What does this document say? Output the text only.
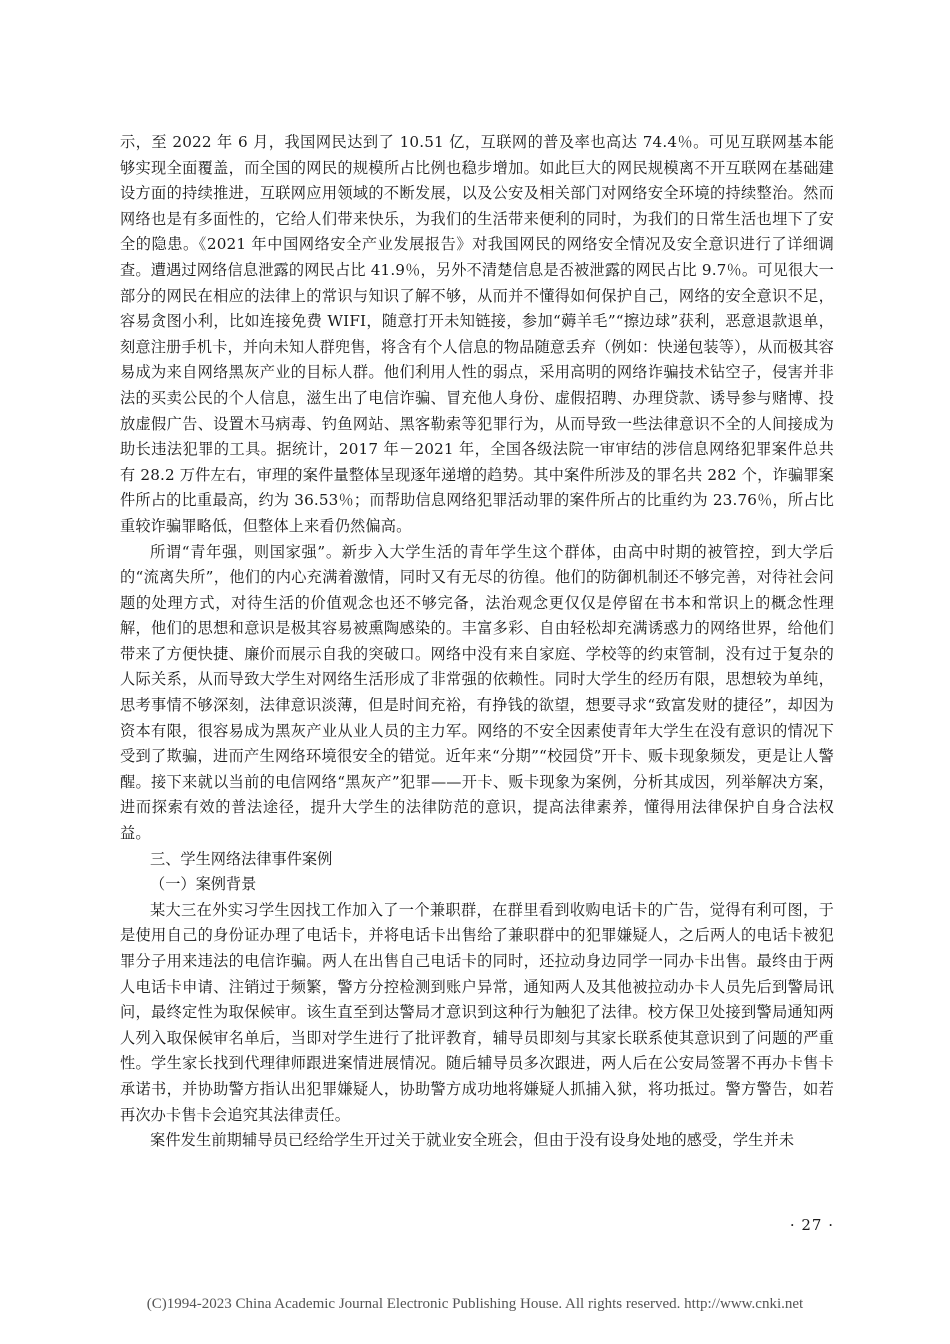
示，至 2022 年 6 月，我国网民达到了 10.51 亿，互联网的普及率也高达 74.4％。可见互联网基本能够实现全面覆盖，而全国的网民的规模所占比例也稳步增加。如此巨大的网民规模离不开互联网在基础建设方面的持续推进，互联网应用领域的不断发展，以及公安及相关部门对网络安全环境的持续整治。然而网络也是有多面性的，它给人们带来快乐，为我们的生活带来便利的同时，为我们的日常生活也埋下了安全的隐患。《2021 年中国网络安全产业发展报告》对我国网民的网络安全情况及安全意识进行了详细调查。遭遇过网络信息泄露的网民占比 41.9％，另外不清楚信息是否被泄露的网民占比 9.7％。可见很大一部分的网民在相应的法律上的常识与知识了解不够，从而并不懂得如何保护自己，网络的安全意识不足，容易贪图小利，比如连接免费 WIFI，随意打开未知链接，参加“薅羊毛”“擦边球”获利，恶意退款退单，刻意注册手机卡，并向未知人群兜售，将含有个人信息的物品随意丢弃（例如：快递包装等），从而极其容易成为来自网络黑灰产业的目标人群。他们利用人性的弱点，采用高明的网络诈骗技术钻空子，侵害并非法的买卖公民的个人信息，滋生出了电信诈骗、冒充他人身份、虚假招聘、办理贷款、诱导参与赌博、投放虚假广告、设置木马病毒、钓鱼网站、黑客勒索等犯罪行为，从而导致一些法律意识不全的人间接成为助长违法犯罪的工具。据统计，2017 年－2021 年，全国各级法院一审审结的涉信息网络犯罪案件总共有 28.2 万件左右，审理的案件量整体呈现逐年递增的趋势。其中案件所涉及的罪名共 282 个，诈骗罪案件所占的比重最高，约为 36.53％；而帮助信息网络犯罪活动罪的案件所占的比重约为 23.76％，所占比重较诈骗罪略低，但整体上来看仍然偏高。

所谓“青年强，则国家强”。新步入大学生活的青年学生这个群体，由高中时期的被管控，到大学后的“流离失所”，他们的内心充满着激情，同时又有无尽的彷徨。他们的防御机制还不够完善，对待社会问题的处理方式，对待生活的价值观念也还不够完备，法治观念更仅仅是停留在书本和常识上的概念性理解，他们的思想和意识是极其容易被熏陶感染的。丰富多彩、自由轻松却充满诱惑力的网络世界，给他们带来了方便快捷、廉价而展示自我的突破口。网络中没有来自家庭、学校等的约束管制，没有过于复杂的人际关系，从而导致大学生对网络生活形成了非常强的依赖性。同时大学生的经历有限，思想较为单纯，思考事情不够深刻，法律意识淡薄，但是时间充裕，有挣钱的欲望，想要寻求“致富发财的捷径”，却因为资本有限，很容易成为黑灰产业从业人员的主力军。网络的不安全因素使青年大学生在没有意识的情况下受到了欺骗，进而产生网络环境很安全的错觉。近年来“分期”“校园贷”开卡、贩卡现象频发，更是让人警醒。接下来就以当前的电信网络“黑灰产”犯罪——开卡、贩卡现象为案例，分析其成因，列举解决方案，进而探索有效的普法途径，提升大学生的法律防范的意识，提高法律素养，懂得用法律保护自身合法权益。

三、学生网络法律事件案例

（一）案例背景

某大三在外实习学生因找工作加入了一个兼职群，在群里看到收购电话卡的广告，觉得有利可图，于是使用自己的身份证办理了电话卡，并将电话卡出售给了兼职群中的犯罪嫌疑人，之后两人的电话卡被犯罪分子用来违法的电信诈骗。两人在出售自己电话卡的同时，还拉动身边同学一同办卡出售。最终由于两人电话卡申请、注销过于频繁，警方分控检测到账户异常，通知两人及其他被拉动办卡人员先后到警局讯问，最终定性为取保候审。该生直至到达警局才意识到这种行为触犯了法律。校方保卫处接到警局通知两人列入取保候审名单后，当即对学生进行了批评教育，辅导员即刻与其家长联系使其意识到了问题的严重性。学生家长找到代理律师跟进案情进展情况。随后辅导员多次跟进，两人后在公安局签署不再办卡售卡承诺书，并协助警方指认出犯罪嫌疑人，协助警方成功地将嫌疑人抓捕入狱，将功抵过。警方警告，如若再次办卡售卡会追究其法律责任。

案件发生前期辅导员已经给学生开过关于就业安全班会，但由于没有设身处地的感受，学生并未

· 27 ·

(C)1994-2023 China Academic Journal Electronic Publishing House. All rights reserved. http://www.cnki.net
